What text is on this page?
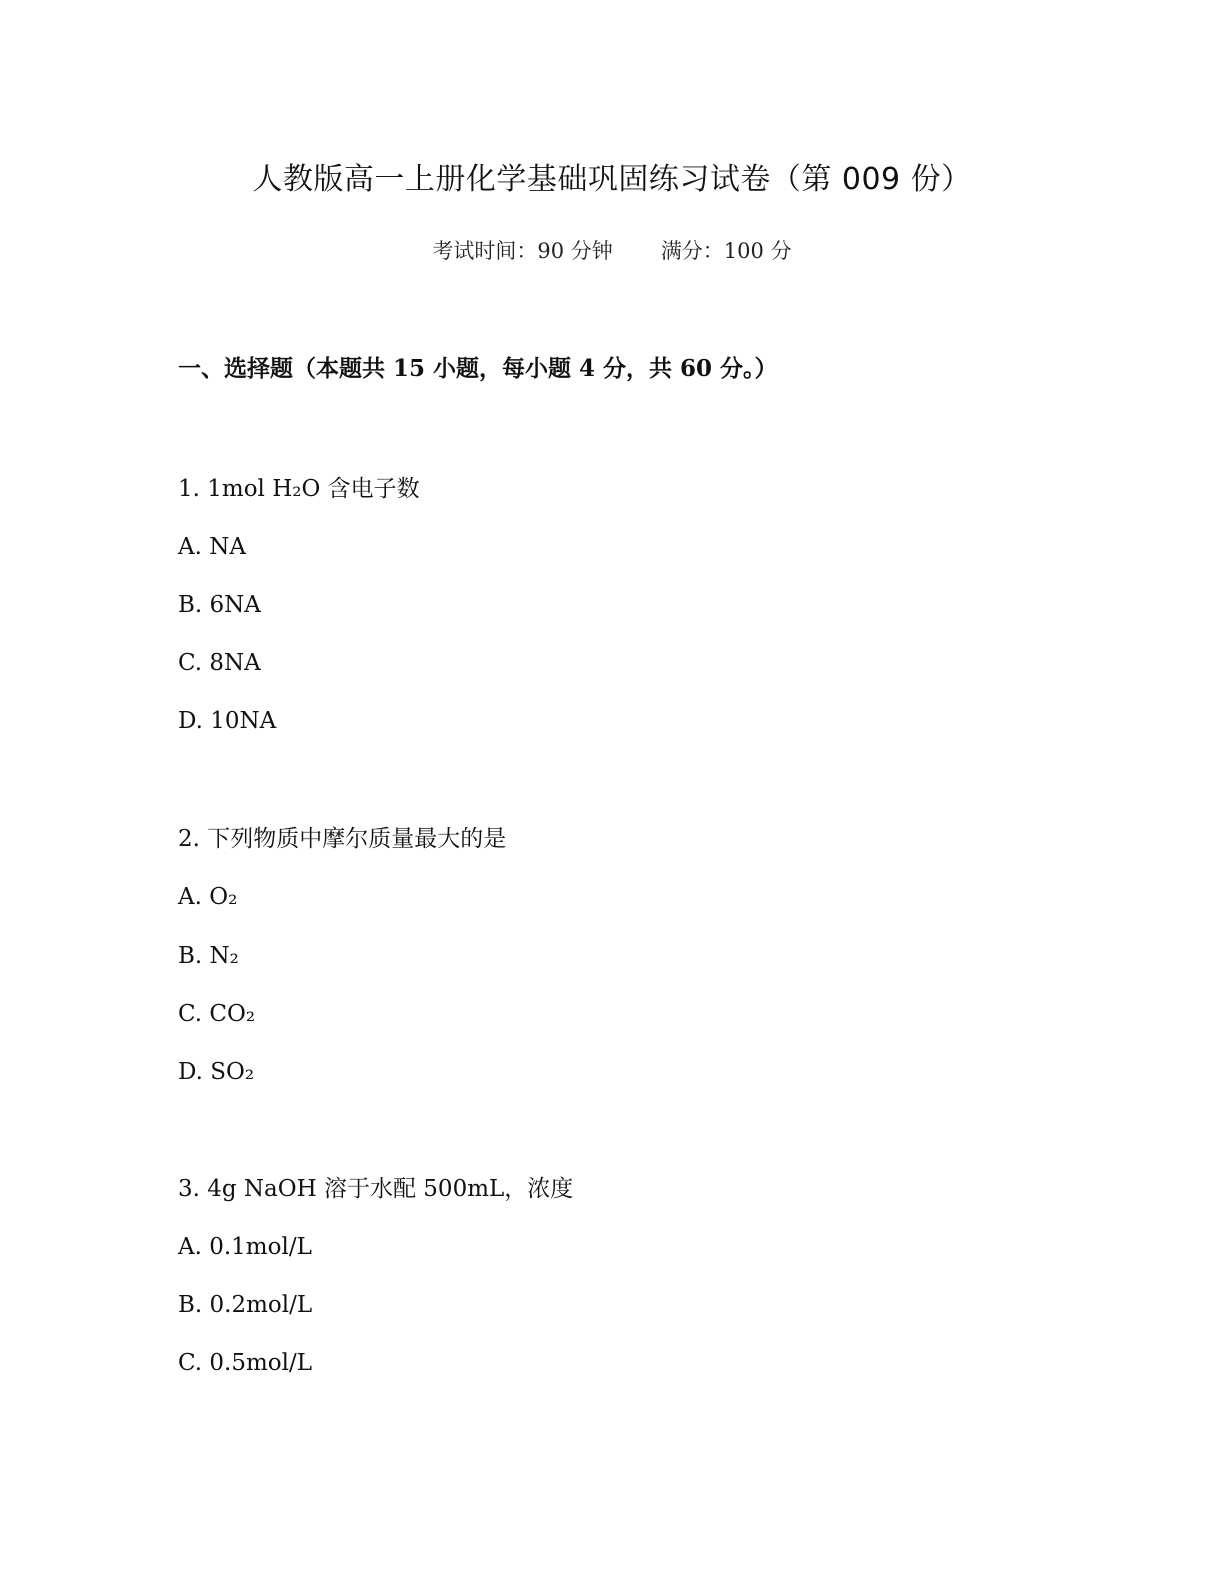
人教版高一上册化学基础巩固练习试卷（第 009 份）
考试时间：90 分钟 满分：100 分
一、选择题（本题共 15 小题，每小题 4 分，共 60 分。）
1. 1mol H₂O 含电子数
A. NA
B. 6NA
C. 8NA
D. 10NA
2. 下列物质中摩尔质量最大的是
A. O₂
B. N₂
C. CO₂
D. SO₂
3. 4g NaOH 溶于水配 500mL，浓度
A. 0.1mol/L
B. 0.2mol/L
C. 0.5mol/L
